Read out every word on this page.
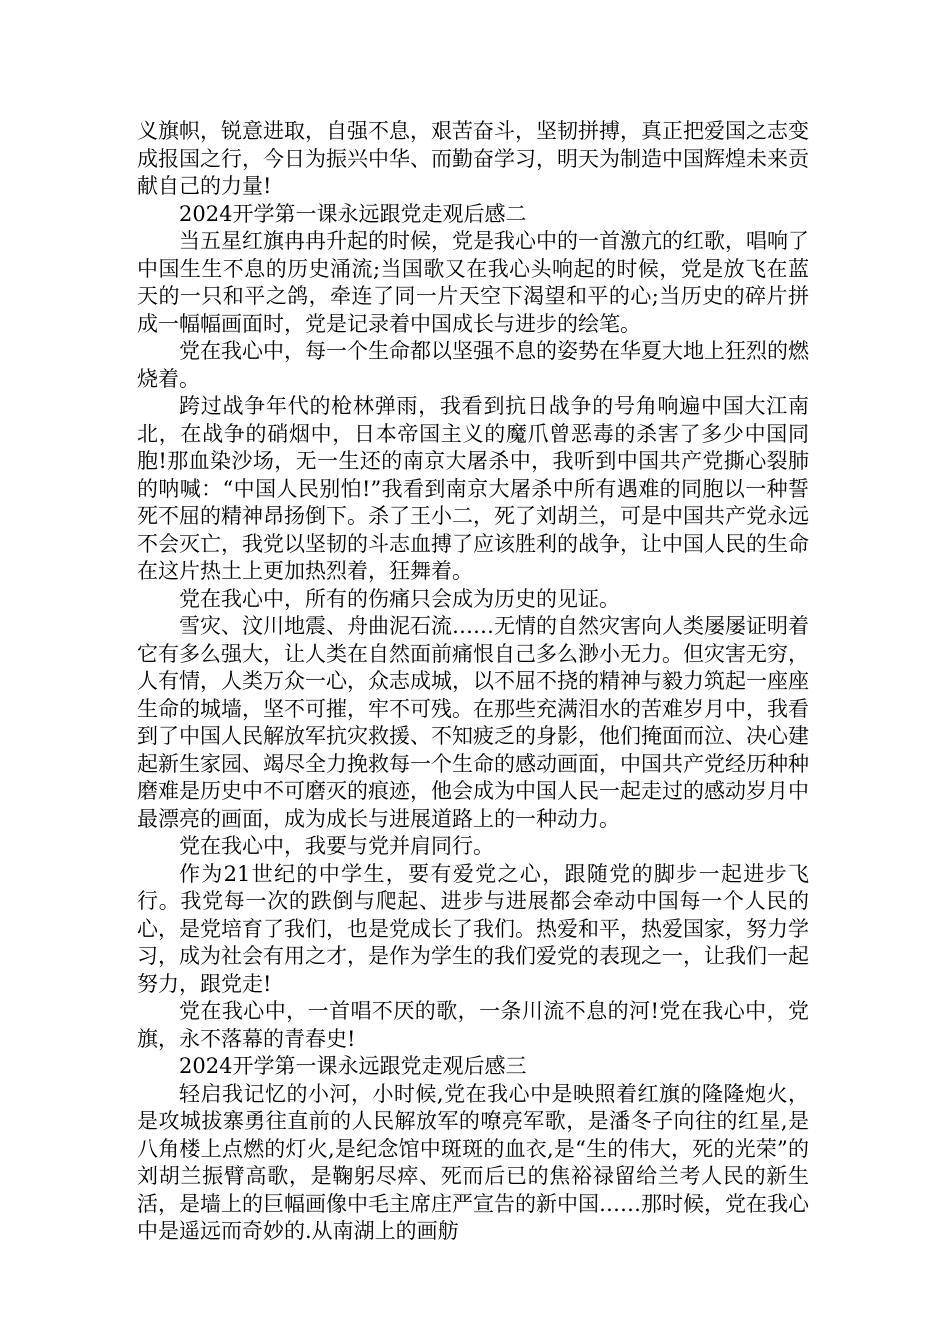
义旗帜，锐意进取，自强不息，艰苦奋斗，坚韧拼搏，真正把爱国之志变成报国之行，今日为振兴中华、而勤奋学习，明天为制造中国辉煌未来贡献自己的力量!

2024开学第一课永远跟党走观后感二

当五星红旗冉冉升起的时候，党是我心中的一首激亢的红歌，唱响了中国生生不息的历史涌流;当国歌又在我心头响起的时候，党是放飞在蓝天的一只和平之鸽，牵连了同一片天空下渴望和平的心;当历史的碎片拼成一幅幅画面时，党是记录着中国成长与进步的绘笔。

党在我心中，每一个生命都以坚强不息的姿势在华夏大地上狂烈的燃烧着。

跨过战争年代的枪林弹雨，我看到抗日战争的号角响遍中国大江南北，在战争的硝烟中，日本帝国主义的魔爪曾恶毒的杀害了多少中国同胞!那血染沙场，无一生还的南京大屠杀中，我听到中国共产党撕心裂肺的呐喊：“中国人民别怕!”我看到南京大屠杀中所有遇难的同胞以一种誓死不屈的精神昂扬倒下。杀了王小二，死了刘胡兰，可是中国共产党永远不会灭亡，我党以坚韧的斗志血搏了应该胜利的战争，让中国人民的生命在这片热土上更加热烈着，狂舞着。

党在我心中，所有的伤痛只会成为历史的见证。

雪灾、汶川地震、舟曲泥石流……无情的自然灾害向人类屡屡证明着它有多么强大，让人类在自然面前痛恨自己多么渺小无力。但灾害无穷，人有情，人类万众一心，众志成城，以不屈不挠的精神与毅力筑起一座座生命的城墙，坚不可摧，牢不可残。在那些充满泪水的苦难岁月中，我看到了中国人民解放军抗灾救援、不知疲乏的身影，他们掩面而泣、决心建起新生家园、竭尽全力挽救每一个生命的感动画面，中国共产党经历种种磨难是历史中不可磨灭的痕迹，他会成为中国人民一起走过的感动岁月中最漂亮的画面，成为成长与进展道路上的一种动力。

党在我心中，我要与党并肩同行。

作为21世纪的中学生，要有爱党之心，跟随党的脚步一起进步飞行。我党每一次的跌倒与爬起、进步与进展都会牵动中国每一个人民的心，是党培育了我们，也是党成长了我们。热爱和平，热爱国家，努力学习，成为社会有用之才，是作为学生的我们爱党的表现之一，让我们一起努力，跟党走!

党在我心中，一首唱不厌的歌，一条川流不息的河!党在我心中，党旗，永不落幕的青春史!

2024开学第一课永远跟党走观后感三

轻启我记忆的小河，小时候,党在我心中是映照着红旗的隆隆炮火，是攻城拔寨勇往直前的人民解放军的嘹亮军歌，是潘冬子向往的红星,是八角楼上点燃的灯火,是纪念馆中斑斑的血衣,是“生的伟大，死的光荣”的刘胡兰振臂高歌，是鞠躬尽瘁、死而后已的焦裕禄留给兰考人民的新生活，是墙上的巨幅画像中毛主席庄严宣告的新中国……那时候，党在我心中是遥远而奇妙的.从南湖上的画舫
